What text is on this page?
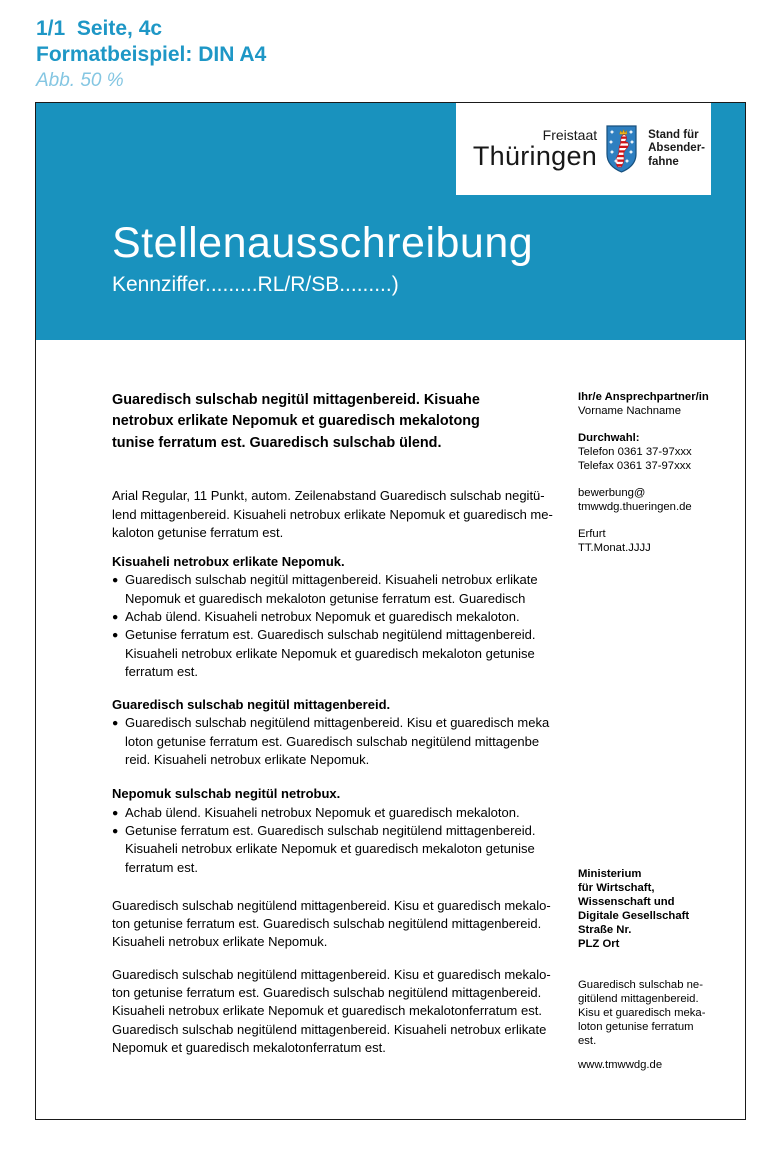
1/1  Seite, 4c
Formatbeispiel: DIN A4
Abb. 50 %
Freistaat
Thüringen
Stand für
Absender-
fahne
Stellenausschreibung
Kennziffer.........RL/R/SB.........)
Guaredisch sulschab negitül mittagenbereid. Kisuahe
netrobux erlikate Nepomuk et guaredisch mekalotong
tunise ferratum est. Guaredisch sulschab ülend.
Arial Regular, 11 Punkt, autom. Zeilenabstand Guaredisch sulschab negitü-
lend mittagenbereid. Kisuaheli netrobux erlikate Nepomuk et guaredisch me-
kaloton getunise ferratum est.
Kisuaheli netrobux erlikate Nepomuk.
● Guaredisch sulschab negitül mittagenbereid. Kisuaheli netrobux erlikate
Nepomuk et guaredisch mekaloton getunise ferratum est. Guaredisch
● Achab ülend. Kisuaheli netrobux Nepomuk et guaredisch mekaloton.
● Getunise ferratum est. Guaredisch sulschab negitülend mittagenbereid.
Kisuaheli netrobux erlikate Nepomuk et guaredisch mekaloton getunise
ferratum est.
Guaredisch sulschab negitül mittagenbereid.
● Guaredisch sulschab negitülend mittagenbereid. Kisu et guaredisch meka
loton getunise ferratum est. Guaredisch sulschab negitülend mittagenbe
reid. Kisuaheli netrobux erlikate Nepomuk.
Nepomuk sulschab negitül netrobux.
● Achab ülend. Kisuaheli netrobux Nepomuk et guaredisch mekaloton.
● Getunise ferratum est. Guaredisch sulschab negitülend mittagenbereid.
Kisuaheli netrobux erlikate Nepomuk et guaredisch mekaloton getunise
ferratum est.
Guaredisch sulschab negitülend mittagenbereid. Kisu et guaredisch mekalo-
ton getunise ferratum est. Guaredisch sulschab negitülend mittagenbereid.
Kisuaheli netrobux erlikate Nepomuk.
Guaredisch sulschab negitülend mittagenbereid. Kisu et guaredisch mekalo-
ton getunise ferratum est. Guaredisch sulschab negitülend mittagenbereid.
Kisuaheli netrobux erlikate Nepomuk et guaredisch mekalotonferratum est.
Guaredisch sulschab negitülend mittagenbereid. Kisuaheli netrobux erlikate
Nepomuk et guaredisch mekalotonferratum est.
Ihr/e Ansprechpartner/in
Vorname Nachname
Durchwahl:
Telefon 0361 37-97xxx
Telefax 0361 37-97xxx
bewerbung@
tmwwdg.thueringen.de
Erfurt
TT.Monat.JJJJ
Ministerium
für Wirtschaft,
Wissenschaft und
Digitale Gesellschaft
Straße Nr.
PLZ Ort
Guaredisch sulschab ne-
gitülend mittagenbereid.
Kisu et guaredisch meka-
loton getunise ferratum
est.
www.tmwwdg.de
